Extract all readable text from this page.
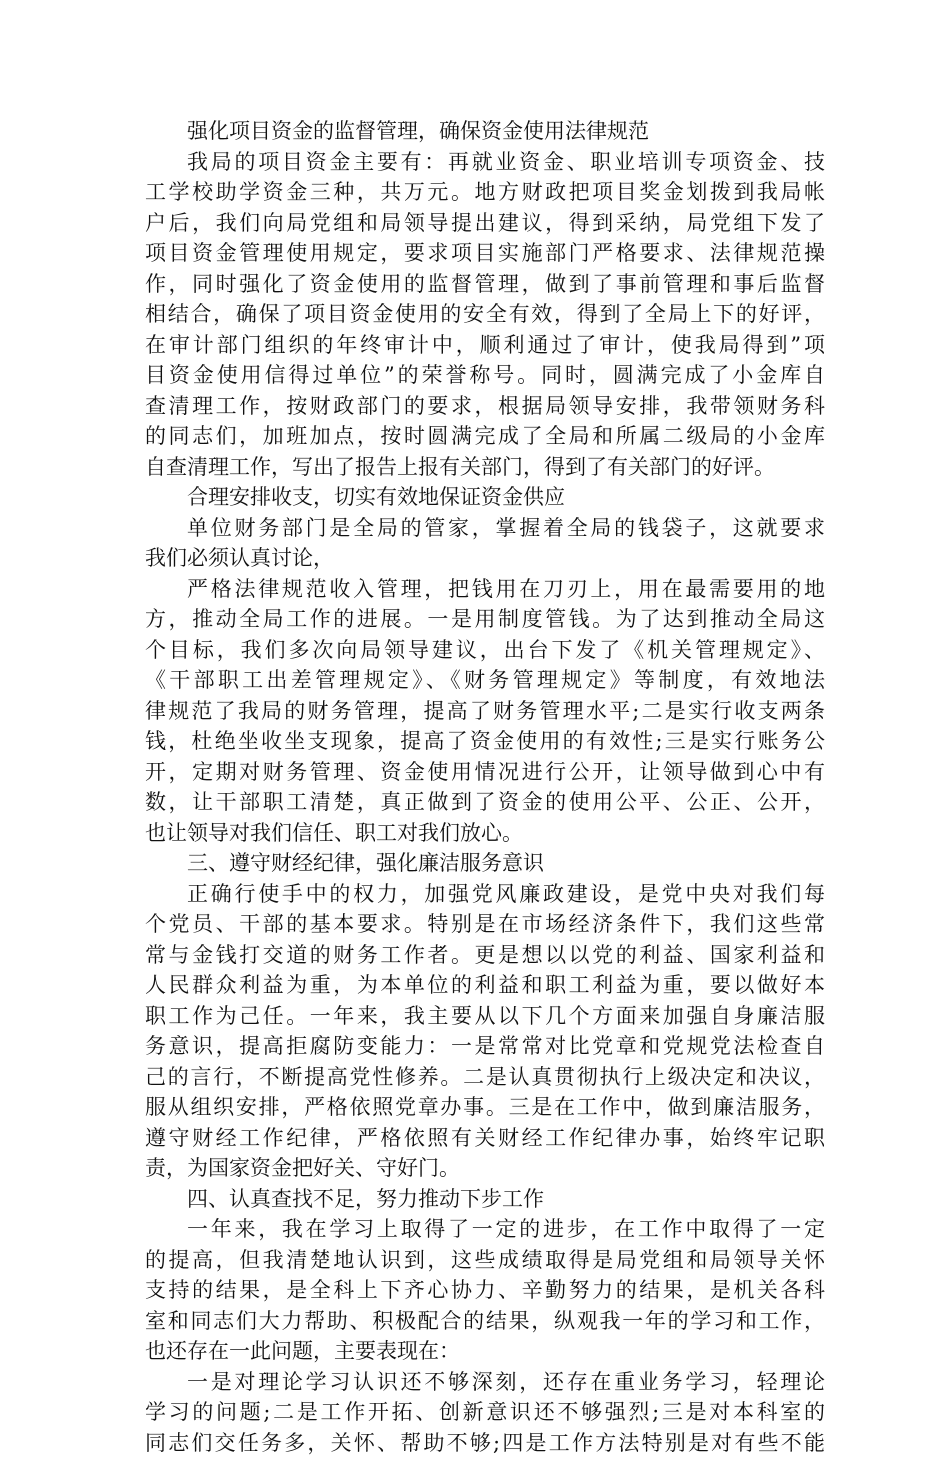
强化项目资金的监督管理，确保资金使用法律规范
我局的项目资金主要有：再就业资金、职业培训专项资金、技
工学校助学资金三种，共万元。地方财政把项目奖金划拨到我局帐
户后，我们向局党组和局领导提出建议，得到采纳，局党组下发了
项目资金管理使用规定，要求项目实施部门严格要求、法律规范操
作，同时强化了资金使用的监督管理，做到了事前管理和事后监督
相结合，确保了项目资金使用的安全有效，得到了全局上下的好评，
在审计部门组织的年终审计中，顺利通过了审计，使我局得到”项
目资金使用信得过单位”的荣誉称号。同时，圆满完成了小金库自
查清理工作，按财政部门的要求，根据局领导安排，我带领财务科
的同志们，加班加点，按时圆满完成了全局和所属二级局的小金库
自查清理工作，写出了报告上报有关部门，得到了有关部门的好评。
合理安排收支，切实有效地保证资金供应
单位财务部门是全局的管家，掌握着全局的钱袋子，这就要求
我们必须认真讨论，
严格法律规范收入管理，把钱用在刀刃上，用在最需要用的地
方，推动全局工作的进展。一是用制度管钱。为了达到推动全局这
个目标，我们多次向局领导建议，出台下发了《机关管理规定》、
《干部职工出差管理规定》、《财务管理规定》等制度，有效地法
律规范了我局的财务管理，提高了财务管理水平;二是实行收支两条
钱，杜绝坐收坐支现象，提高了资金使用的有效性;三是实行账务公
开，定期对财务管理、资金使用情况进行公开，让领导做到心中有
数，让干部职工清楚，真正做到了资金的使用公平、公正、公开，
也让领导对我们信任、职工对我们放心。
三、遵守财经纪律，强化廉洁服务意识
正确行使手中的权力，加强党风廉政建设，是党中央对我们每
个党员、干部的基本要求。特别是在市场经济条件下，我们这些常
常与金钱打交道的财务工作者。更是想以以党的利益、国家利益和
人民群众利益为重，为本单位的利益和职工利益为重，要以做好本
职工作为己任。一年来，我主要从以下几个方面来加强自身廉洁服
务意识，提高拒腐防变能力：一是常常对比党章和党规党法检查自
己的言行，不断提高党性修养。二是认真贯彻执行上级决定和决议，
服从组织安排，严格依照党章办事。三是在工作中，做到廉洁服务，
遵守财经工作纪律，严格依照有关财经工作纪律办事，始终牢记职
责，为国家资金把好关、守好门。
四、认真查找不足，努力推动下步工作
一年来，我在学习上取得了一定的进步，在工作中取得了一定
的提高，但我清楚地认识到，这些成绩取得是局党组和局领导关怀
支持的结果，是全科上下齐心协力、辛勤努力的结果，是机关各科
室和同志们大力帮助、积极配合的结果，纵观我一年的学习和工作，
也还存在一此问题，主要表现在：
一是对理论学习认识还不够深刻，还存在重业务学习，轻理论
学习的问题;二是工作开拓、创新意识还不够强烈;三是对本科室的
同志们交任务多，关怀、帮助不够;四是工作方法特别是对有些不能
